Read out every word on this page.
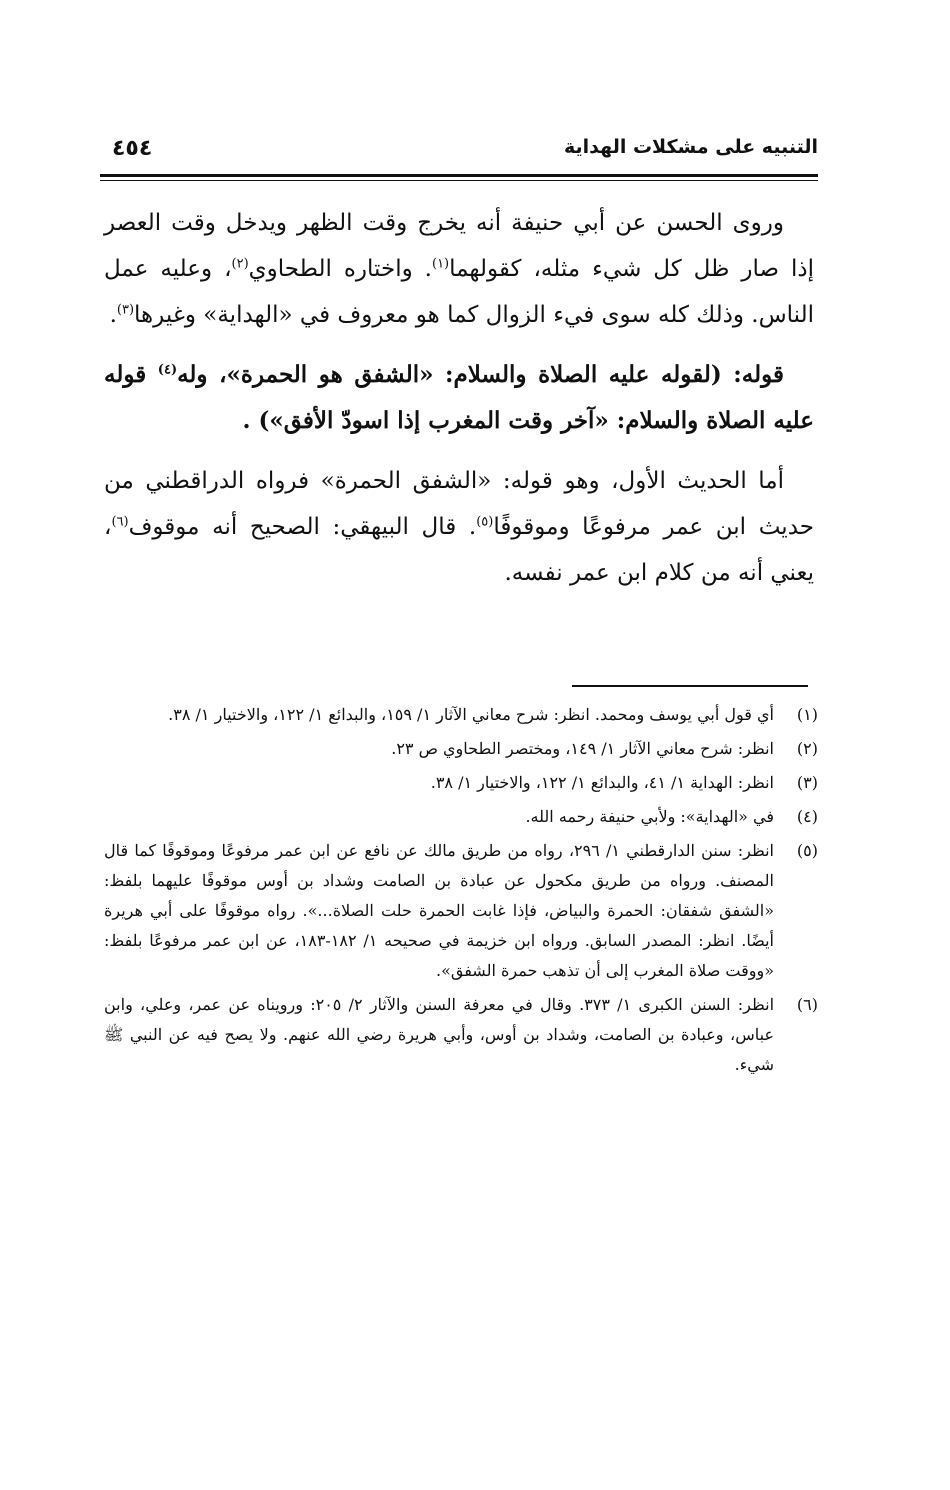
التنبيه على مشكلات الهداية
٤٥٤

وروى الحسن عن أبي حنيفة أنه يخرج وقت الظهر ويدخل وقت العصر إذا صار ظل كل شيء مثله، كقولهما$^{(١)}$. واختاره الطحاوي$^{(٢)}$، وعليه عمل الناس. وذلك كله سوى فيء الزوال كما هو معروف في «الهداية» وغيرها$^{(٣)}$.

قوله: (لقوله عليه الصلاة والسلام: «الشفق هو الحمرة»، وله$^{(٤)}$ قوله عليه الصلاة والسلام: «آخر وقت المغرب إذا اسودّ الأفق») .

أما الحديث الأول، وهو قوله: «الشفق الحمرة» فرواه الدراقطني من حديث ابن عمر مرفوعًا وموقوفًا$^{(٥)}$. قال البيهقي: الصحيح أنه موقوف$^{(٦)}$، يعني أنه من كلام ابن عمر نفسه.

(١)
أي قول أبي يوسف ومحمد. انظر: شرح معاني الآثار ١/ ١٥٩، والبدائع ١/ ١٢٢، والاختيار ١/ ٣٨.
(٢)
انظر: شرح معاني الآثار ١/ ١٤٩، ومختصر الطحاوي ص ٢٣.
(٣)
انظر: الهداية ١/ ٤١، والبدائع ١/ ١٢٢، والاختيار ١/ ٣٨.
(٤)
في «الهداية»: ولأبي حنيفة رحمه الله.
(٥)
انظر: سنن الدارقطني ١/ ٢٩٦، رواه من طريق مالك عن نافع عن ابن عمر مرفوعًا وموقوفًا كما قال المصنف. ورواه من طريق مكحول عن عبادة بن الصامت وشداد بن أوس موقوفًا عليهما بلفظ: «الشفق شفقان: الحمرة والبياض، فإذا غابت الحمرة حلت الصلاة...». رواه موقوفًا على أبي هريرة أيضًا. انظر: المصدر السابق. ورواه ابن خزيمة في صحيحه ١/ ١٨٢-١٨٣، عن ابن عمر مرفوعًا بلفظ: «ووقت صلاة المغرب إلى أن تذهب حمرة الشفق».
(٦)
انظر: السنن الكبرى ١/ ٣٧٣. وقال في معرفة السنن والآثار ٢/ ٢٠٥: ورويناه عن عمر، وعلي، وابن عباس، وعبادة بن الصامت، وشداد بن أوس، وأبي هريرة رضي الله عنهم. ولا يصح فيه عن النبي ﷺ شيء.
